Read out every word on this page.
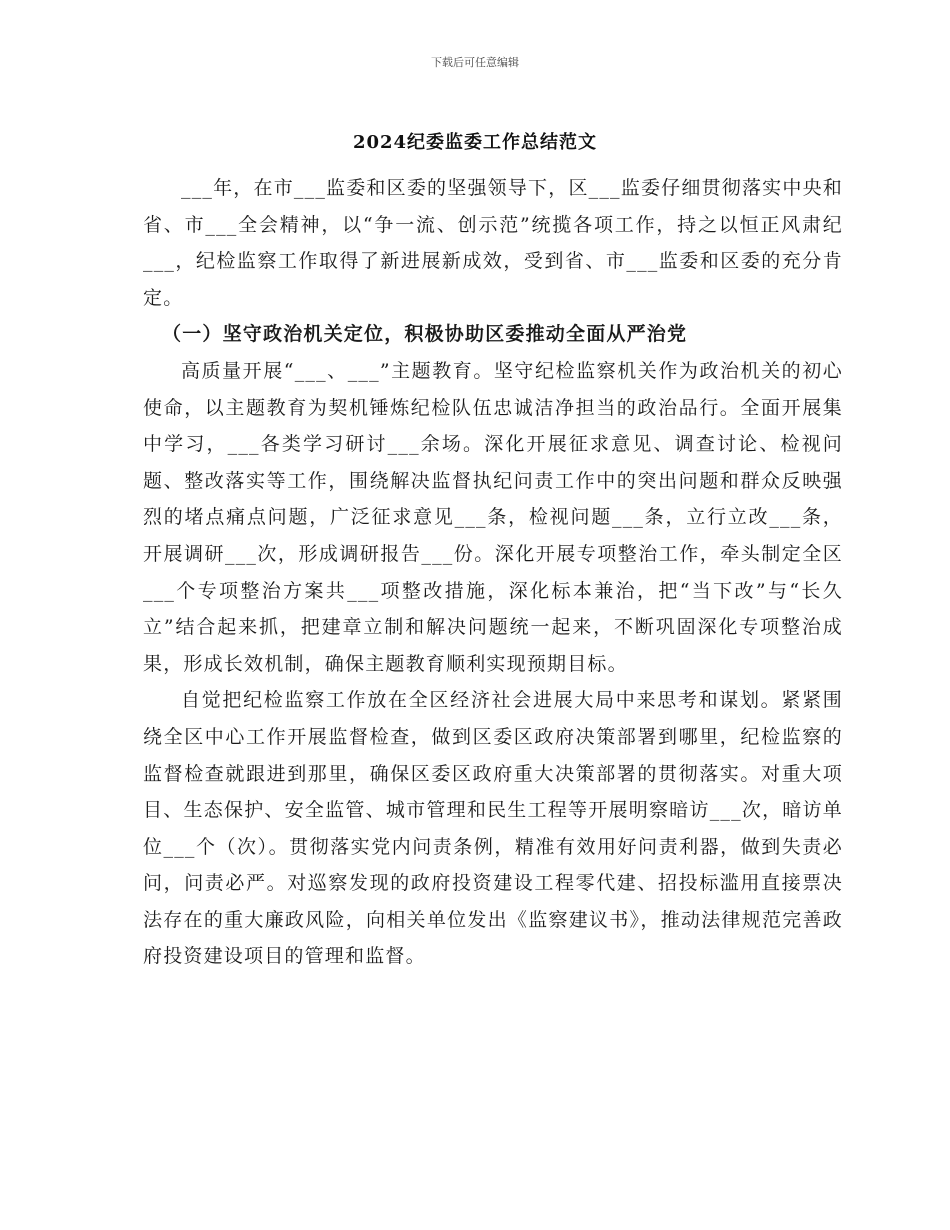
下载后可任意编辑
2024纪委监委工作总结范文

___年，在市___监委和区委的坚强领导下，区___监委仔细贯彻落实中央和省、市___全会精神，以“争一流、创示范”统揽各项工作，持之以恒正风肃纪___，纪检监察工作取得了新进展新成效，受到省、市___监委和区委的充分肯定。

（一）坚守政治机关定位，积极协助区委推动全面从严治党

高质量开展“___、___”主题教育。坚守纪检监察机关作为政治机关的初心使命，以主题教育为契机锤炼纪检队伍忠诚洁净担当的政治品行。全面开展集中学习，___各类学习研讨___余场。深化开展征求意见、调查讨论、检视问题、整改落实等工作，围绕解决监督执纪问责工作中的突出问题和群众反映强烈的堵点痛点问题，广泛征求意见___条，检视问题___条，立行立改___条，开展调研___次，形成调研报告___份。深化开展专项整治工作，牵头制定全区___个专项整治方案共___项整改措施，深化标本兼治，把“当下改”与“长久立”结合起来抓，把建章立制和解决问题统一起来，不断巩固深化专项整治成果，形成长效机制，确保主题教育顺利实现预期目标。

自觉把纪检监察工作放在全区经济社会进展大局中来思考和谋划。紧紧围绕全区中心工作开展监督检查，做到区委区政府决策部署到哪里，纪检监察的监督检查就跟进到那里，确保区委区政府重大决策部署的贯彻落实。对重大项目、生态保护、安全监管、城市管理和民生工程等开展明察暗访___次，暗访单位___个（次）。贯彻落实党内问责条例，精准有效用好问责利器，做到失责必问，问责必严。对巡察发现的政府投资建设工程零代建、招投标滥用直接票决法存在的重大廉政风险，向相关单位发出《监察建议书》，推动法律规范完善政府投资建设项目的管理和监督。
